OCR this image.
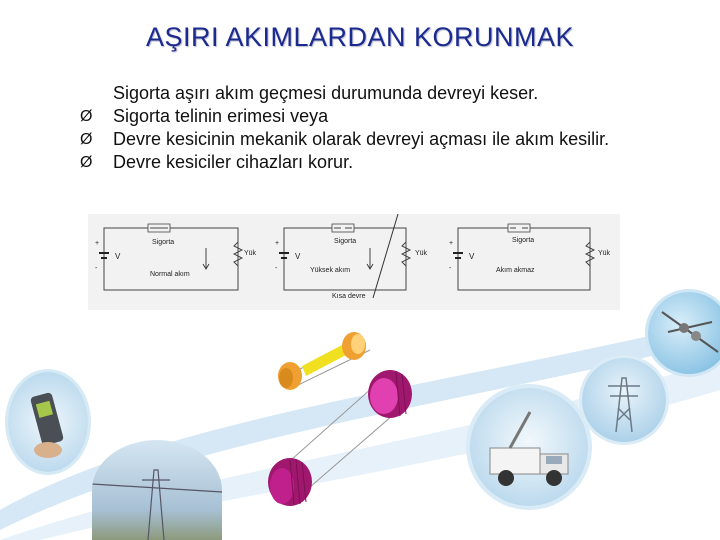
AŞIRI AKIMLARDAN KORUNMAK
Sigorta aşırı akım geçmesi durumunda devreyi keser.
Ø Sigorta telinin erimesi veya
Ø Devre kesicinin mekanik olarak devreyi açması ile akım kesilir.
Ø Devre kesiciler cihazları korur.
+
-
V
Sigorta
Yük
Normal akım
+
-
V
Sigorta
Yük
Yüksek akım
Kısa devre
+
-
V
Sigorta
Yük
Akım akmaz
